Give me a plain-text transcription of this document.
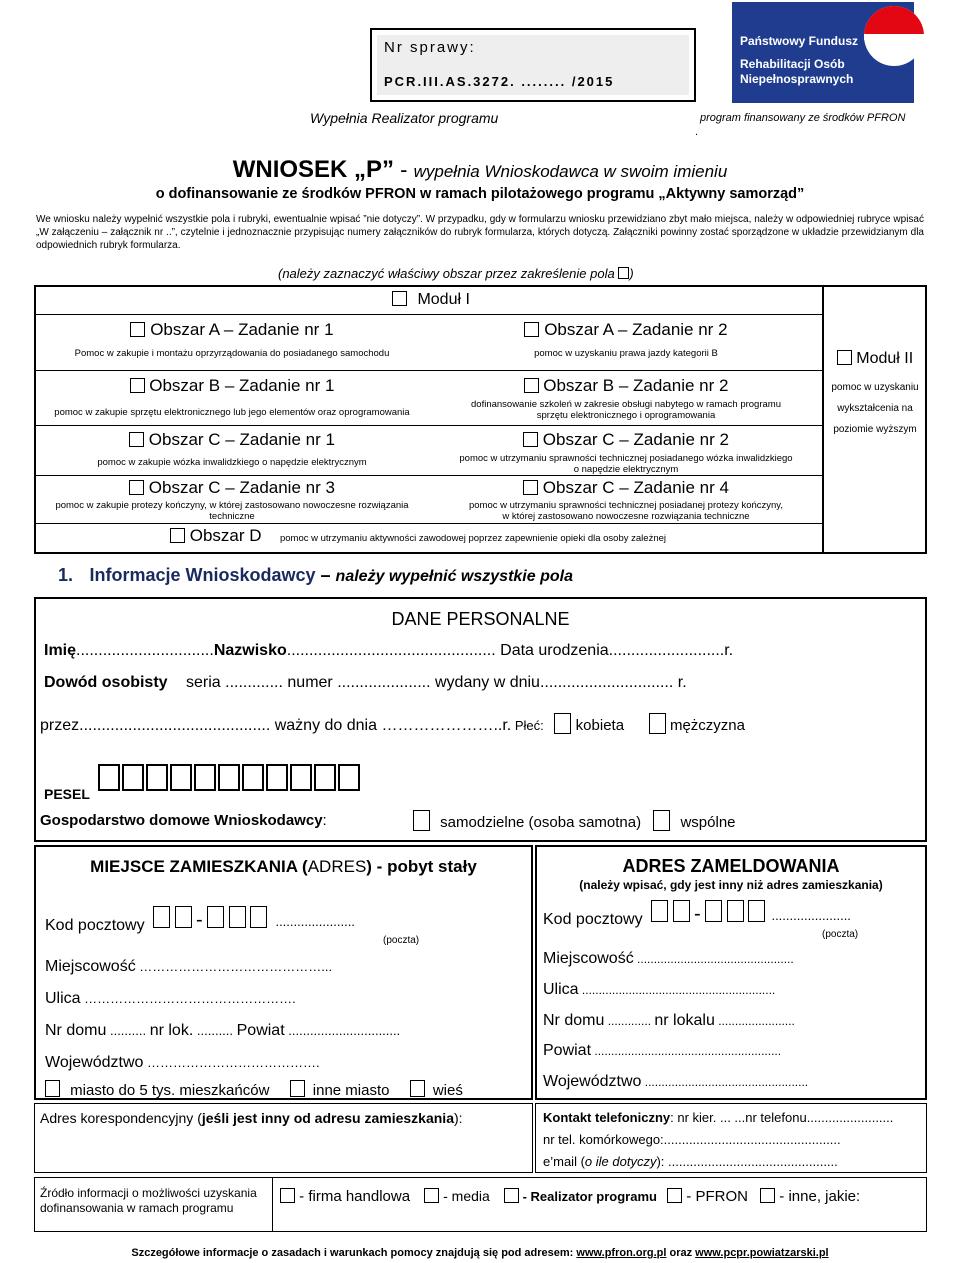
Nr sprawy:
PCR.III.AS.3272. ........ /2015
Wypełnia Realizator programu
Państwowy Fundusz
Rehabilitacji Osób
Niepełnosprawnych
program finansowany ze środków PFRON
.
WNIOSEK „P” - wypełnia Wnioskodawca w swoim imieniu
o dofinansowanie ze środków PFRON w ramach pilotażowego programu „Aktywny samorząd”
We wniosku należy wypełnić wszystkie pola i rubryki, ewentualnie wpisać ”nie dotyczy”. W przypadku, gdy w formularzu wniosku przewidziano zbyt mało miejsca, należy w odpowiedniej rubryce wpisać „W załączeniu – załącznik nr ..”, czytelnie i jednoznacznie przypisując numery załączników do rubryk formularza, których dotyczą. Załączniki powinny zostać sporządzone w układzie przewidzianym dla odpowiednich rubryk formularza.
(należy zaznaczyć właściwy obszar przez zakreślenie pola )
Moduł I
Moduł II
pomoc w uzyskaniu
wykształcenia na
poziomie wyższym
Obszar A – Zadanie nr 1
Pomoc w zakupie i montażu oprzyrządowania do posiadanego samochodu
Obszar A – Zadanie nr 2
pomoc w uzyskaniu prawa jazdy kategorii B
Obszar B – Zadanie nr 1
pomoc w zakupie sprzętu elektronicznego lub jego elementów oraz oprogramowania
Obszar B – Zadanie nr 2
dofinansowanie szkoleń w zakresie obsługi nabytego w ramach programu
sprzętu elektronicznego i oprogramowania
Obszar C – Zadanie nr 1
pomoc w zakupie wózka inwalidzkiego o napędzie elektrycznym
Obszar C – Zadanie nr 2
pomoc w utrzymaniu sprawności technicznej posiadanego wózka inwalidzkiego
o napędzie elektrycznym
Obszar C – Zadanie nr 3
pomoc w zakupie protezy kończyny, w której zastosowano nowoczesne rozwiązania
techniczne
Obszar C – Zadanie nr 4
pomoc w utrzymaniu sprawności technicznej posiadanej protezy kończyny,
w której zastosowano nowoczesne rozwiązania techniczne
Obszar D pomoc w utrzymaniu aktywności zawodowej poprzez zapewnienie opieki dla osoby zależnej
1. Informacje Wnioskodawcy – należy wypełnić wszystkie pola
DANE PERSONALNE
Imię...............................Nazwisko............................................... Data urodzenia..........................r.
Dowód osobisty seria ............. numer ..................... wydany w dniu.............................. r.
przez........................................... ważny do dnia …………………..r. Płeć: kobieta	mężczyzna
PESEL
Gospodarstwo domowe Wnioskodawcy:	samodzielne (osoba samotna)	wspólne
MIEJSCE ZAMIESZKANIA (ADRES) - pobyt stały
Kod pocztowy	-	......................
(poczta)
Miejscowość ……………………………………...
Ulica ………………………………………….
Nr domu .......... nr lok. .......... Powiat ...............................
Województwo ………………………………….
miasto do 5 tys. mieszkańców	inne miasto	wieś
ADRES ZAMELDOWANIA
(należy wpisać, gdy jest inny niż adres zamieszkania)
Kod pocztowy	-	......................
(poczta)
Miejscowość ...............................................
Ulica ..........................................................
Nr domu ............. nr lokalu .......................
Powiat ........................................................
Województwo .................................................
Adres korespondencyjny (jeśli jest inny od adresu zamieszkania):	Kontakt telefoniczny: nr kier. ... ...nr telefonu........................
nr tel. komórkowego:.................................................
e’mail (o ile dotyczy): ...............................................
Źródło informacji o możliwości uzyskania dofinansowania w ramach programu
- firma handlowa  - media  - Realizator programu  - PFRON  - inne, jakie:
Szczegółowe informacje o zasadach i warunkach pomocy znajdują się pod adresem: www.pfron.org.pl oraz www.pcpr.powiatzarski.pl
